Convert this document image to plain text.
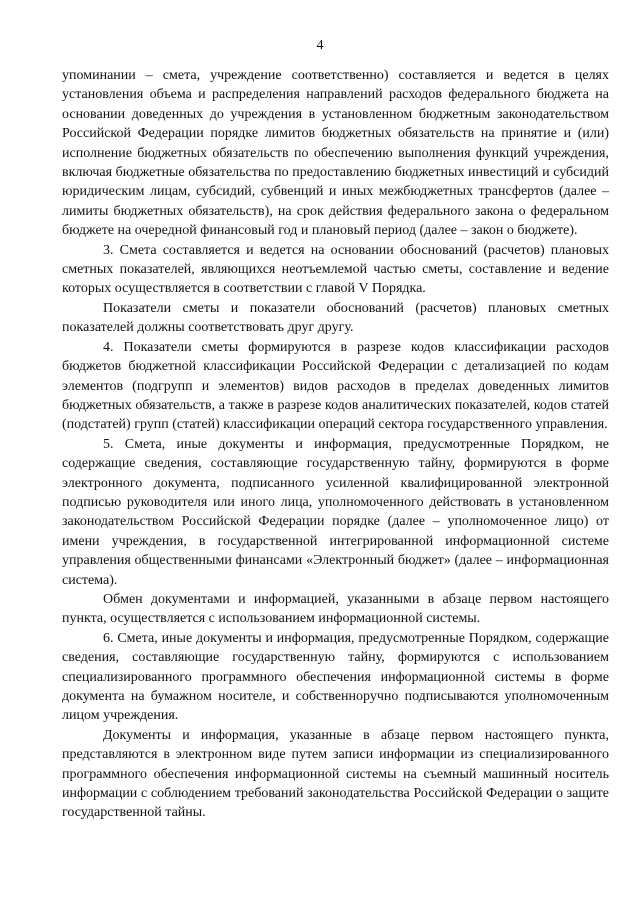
4

упоминании – смета, учреждение соответственно) составляется и ведется в целях установления объема и распределения направлений расходов федерального бюджета на основании доведенных до учреждения в установленном бюджетным законодательством Российской Федерации порядке лимитов бюджетных обязательств на принятие и (или) исполнение бюджетных обязательств по обеспечению выполнения функций учреждения, включая бюджетные обязательства по предоставлению бюджетных инвестиций и субсидий юридическим лицам, субсидий, субвенций и иных межбюджетных трансфертов (далее – лимиты бюджетных обязательств), на срок действия федерального закона о федеральном бюджете на очередной финансовый год и плановый период (далее – закон о бюджете).

3. Смета составляется и ведется на основании обоснований (расчетов) плановых сметных показателей, являющихся неотъемлемой частью сметы, составление и ведение которых осуществляется в соответствии с главой V Порядка.

Показатели сметы и показатели обоснований (расчетов) плановых сметных показателей должны соответствовать друг другу.

4. Показатели сметы формируются в разрезе кодов классификации расходов бюджетов бюджетной классификации Российской Федерации с детализацией по кодам элементов (подгрупп и элементов) видов расходов в пределах доведенных лимитов бюджетных обязательств, а также в разрезе кодов аналитических показателей, кодов статей (подстатей) групп (статей) классификации операций сектора государственного управления.

5. Смета, иные документы и информация, предусмотренные Порядком, не содержащие сведения, составляющие государственную тайну, формируются в форме электронного документа, подписанного усиленной квалифицированной электронной подписью руководителя или иного лица, уполномоченного действовать в установленном законодательством Российской Федерации порядке (далее – уполномоченное лицо) от имени учреждения, в государственной интегрированной информационной системе управления общественными финансами «Электронный бюджет» (далее – информационная система).

Обмен документами и информацией, указанными в абзаце первом настоящего пункта, осуществляется с использованием информационной системы.

6. Смета, иные документы и информация, предусмотренные Порядком, содержащие сведения, составляющие государственную тайну, формируются с использованием специализированного программного обеспечения информационной системы в форме документа на бумажном носителе, и собственноручно подписываются уполномоченным лицом учреждения.

Документы и информация, указанные в абзаце первом настоящего пункта, представляются в электронном виде путем записи информации из специализированного программного обеспечения информационной системы на съемный машинный носитель информации с соблюдением требований законодательства Российской Федерации о защите государственной тайны.
